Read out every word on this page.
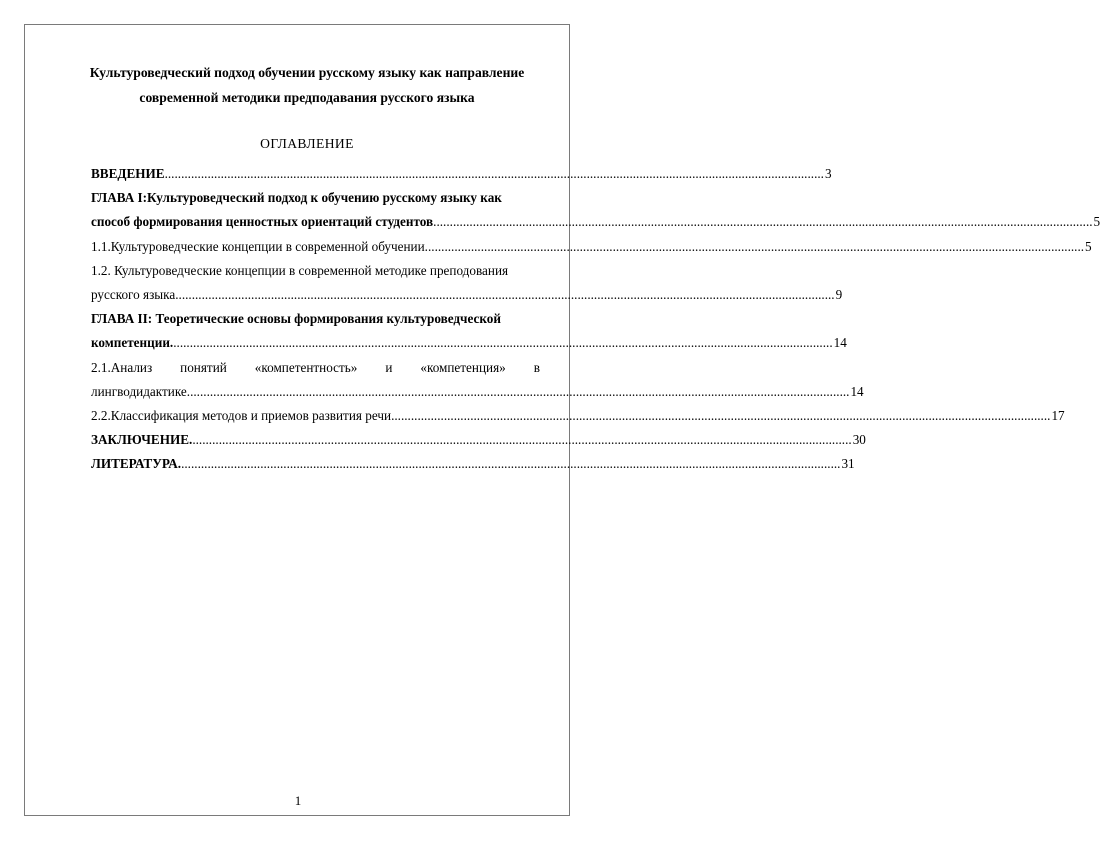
Культуроведческий подход обучении русскому языку как направление
современной методики предподавания русского языка
ОГЛАВЛЕНИЕ
ВВЕДЕНИЕ ........................................................................................................................................................................................................ 3
ГЛАВА I:Культуроведческий подход к обучению русскому языку как
способ формирования ценностных ориентаций студентов ........................................................................................................................................................................................................ 5
1.1.Культуроведческие концепции в современной обучении ........................................................................................................................................................................................................ 5
1.2. Культуроведческие концепции в современной методике преподования
русского языка ........................................................................................................................................................................................................ 9
ГЛАВА II: Теоретические основы формирования культуроведческой
компетенции. ........................................................................................................................................................................................................ 14
2.1.Анализ понятий «компетентность» и «компетенция» в
лингводидактике. ........................................................................................................................................................................................................ 14
2.2.Классификация методов и приемов развития речи ........................................................................................................................................................................................................ 17
ЗАКЛЮЧЕНИЕ. ........................................................................................................................................................................................................ 30
ЛИТЕРАТУРА. ........................................................................................................................................................................................................ 31
1
